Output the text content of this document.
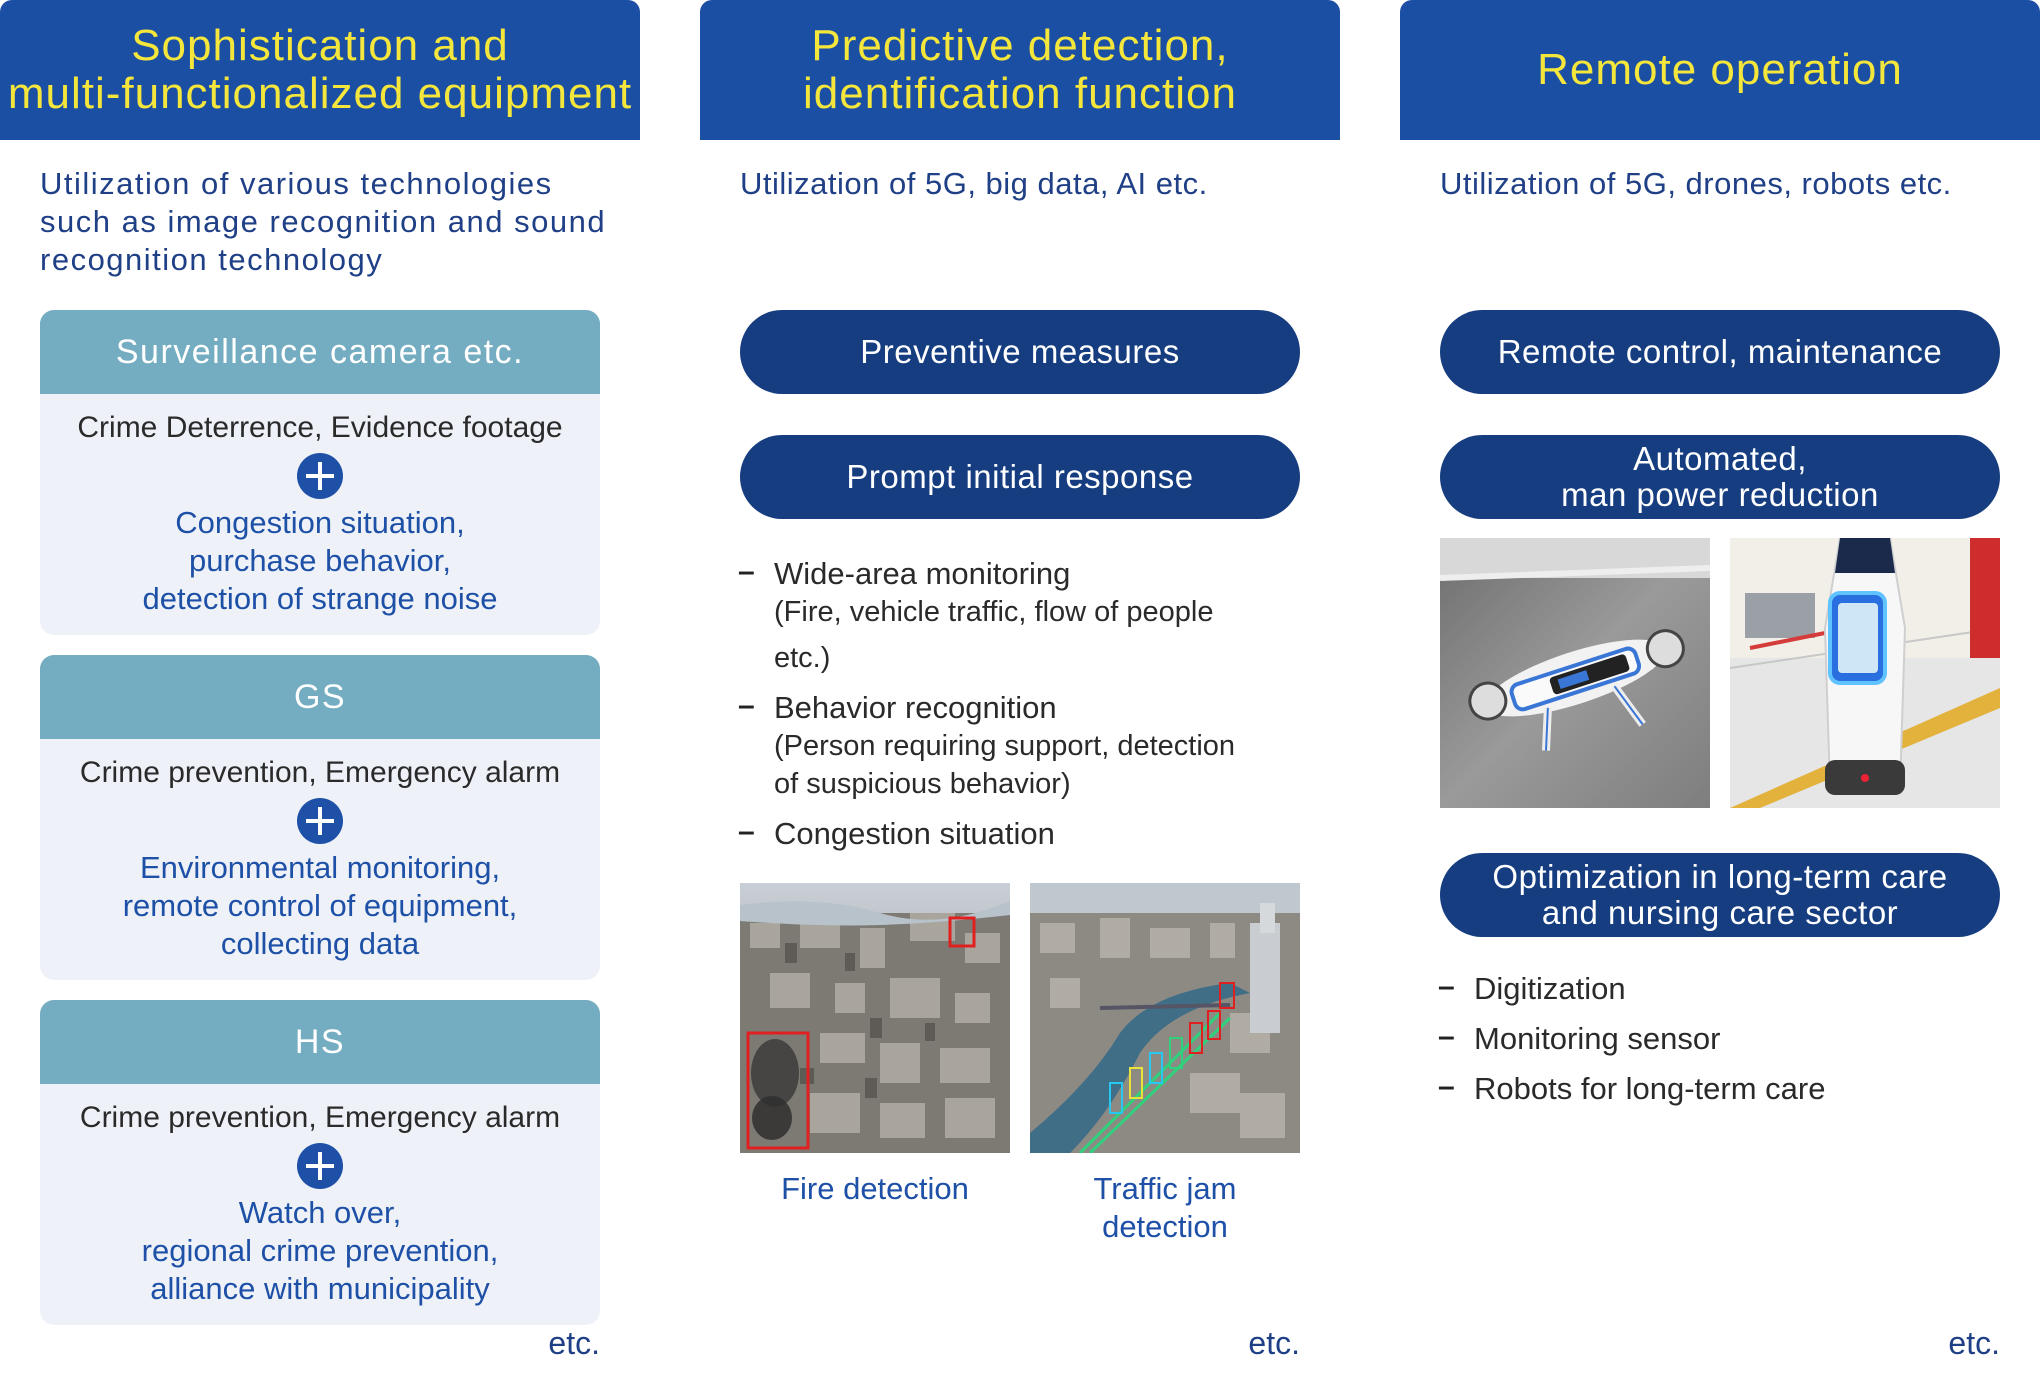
Sophistication and
multi-functionalized equipment
Utilization of various technologies such as image recognition and sound recognition technology
Surveillance camera etc.
Crime Deterrence, Evidence footage
Congestion situation,
purchase behavior,
detection of strange noise
GS
Crime prevention, Emergency alarm
Environmental monitoring,
remote control of equipment,
collecting data
HS
Crime prevention, Emergency alarm
Watch over,
regional crime prevention,
alliance with municipality
etc.
Predictive detection,
identification function
Utilization of 5G, big data, AI etc.
Preventive measures
Prompt initial response
– Wide-area monitoring
(Fire, vehicle traffic, flow of people
etc.)
– Behavior recognition
(Person requiring support, detection
of suspicious behavior)
– Congestion situation
Fire detection	Traffic jam
detection
etc.
Remote operation
Utilization of 5G, drones, robots etc.
Remote control, maintenance
Automated,
man power reduction
Optimization in long-term care
and nursing care sector
– Digitization
– Monitoring sensor
– Robots for long-term care
etc.
